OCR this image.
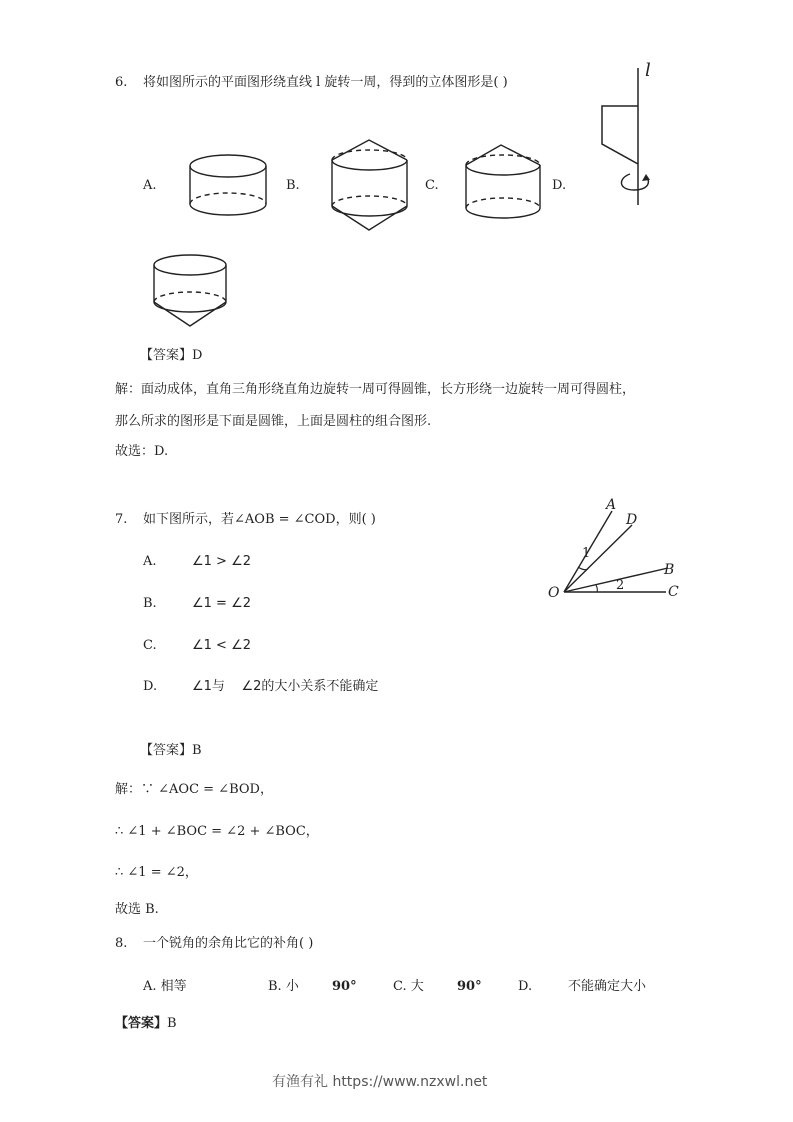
6. 将如图所示的平面图形绕直线 l 旋转一周，得到的立体图形是( )
l
A.	B.	C.	D.
【答案】D
解：面动成体，直角三角形绕直角边旋转一周可得圆锥，长方形绕一边旋转一周可得圆柱，
那么所求的图形是下面是圆锥，上面是圆柱的组合图形.
故选：D.
7. 如下图所示，若∠AOB = ∠COD，则( )
A.	∠1 > ∠2
B.	∠1 = ∠2
C.	∠1 < ∠2
D.	∠1与    ∠2的大小关系不能确定
A
D
B
C
O
1
2
【答案】B
解：∵ ∠AOC = ∠BOD，
∴ ∠1 + ∠BOC = ∠2 + ∠BOC，
∴ ∠1 = ∠2，
故选 B.
8. 一个锐角的余角比它的补角( )
A. 相等	B. 小	90°	C. 大	90°	D.	不能确定大小
【答案】B
有渔有礼 https://www.nzxwl.net
